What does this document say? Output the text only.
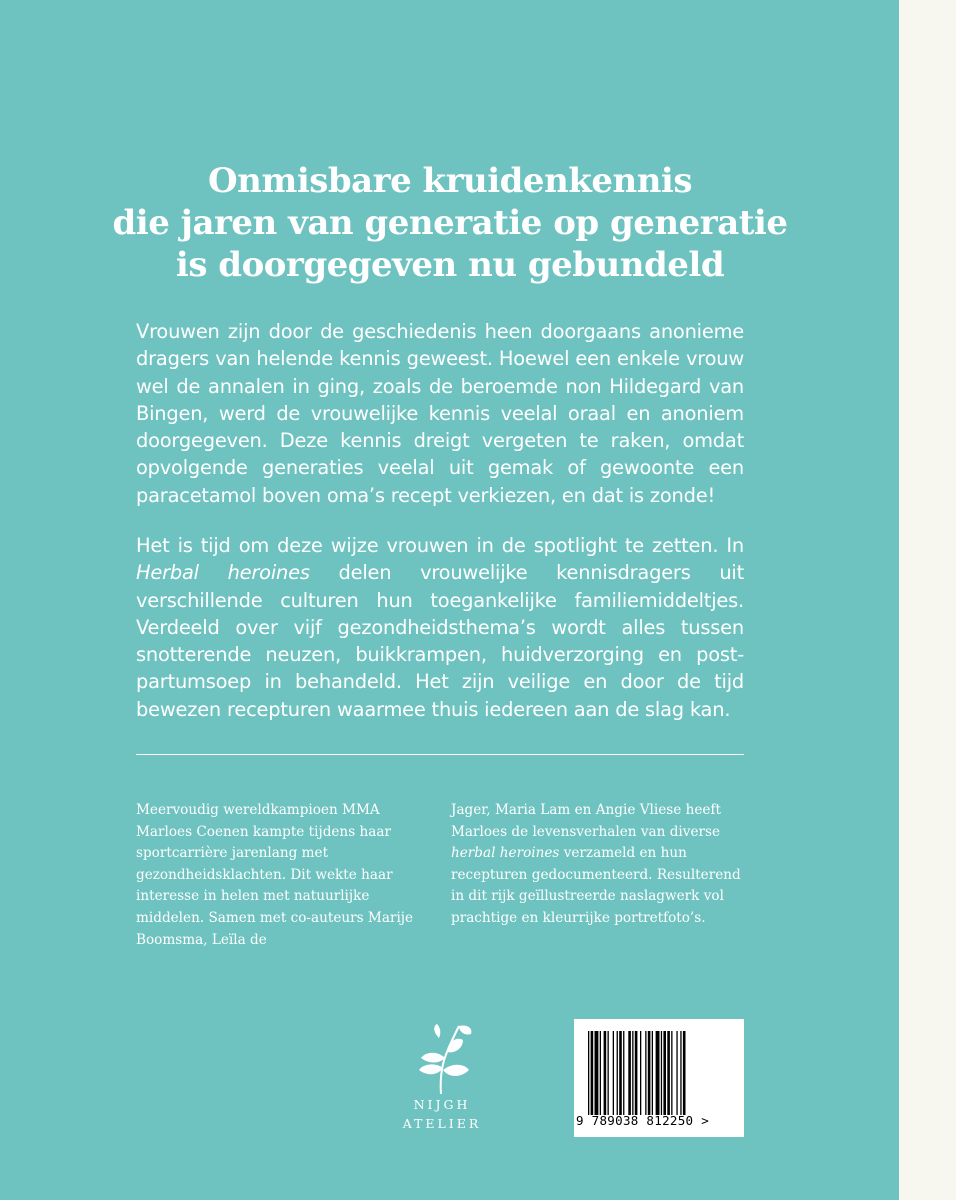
Onmisbare kruidenkennis
die jaren van generatie op generatie
is doorgegeven nu gebundeld
Vrouwen zijn door de geschiedenis heen doorgaans anonieme dragers van helende kennis geweest. Hoewel een enkele vrouw wel de annalen in ging, zoals de beroemde non Hildegard van Bingen, werd de vrouwelijke kennis veelal oraal en anoniem doorgegeven. Deze kennis dreigt vergeten te raken, omdat opvolgende generaties veelal uit gemak of gewoonte een paracetamol boven oma’s recept verkiezen, en dat is zonde!
Het is tijd om deze wijze vrouwen in de spotlight te zetten. In Herbal heroines delen vrouwelijke kennisdragers uit verschillende culturen hun toegankelijke familiemiddeltjes. Verdeeld over vijf gezondheidsthema’s wordt alles tussen snotterende neuzen, buikkrampen, huidverzorging en post-partumsoep in behandeld. Het zijn veilige en door de tijd bewezen recepturen waarmee thuis iedereen aan de slag kan.
Meervoudig wereldkampioen MMA Marloes Coenen kampte tijdens haar sportcarrière jarenlang met gezondheidsklachten. Dit wekte haar interesse in helen met natuurlijke middelen. Samen met co-auteurs Marije Boomsma, Leïla de
Jager, Maria Lam en Angie Vliese heeft Marloes de levensverhalen van diverse herbal heroines verzameld en hun recepturen gedocumenteerd. Resulterend in dit rijk geïllustreerde naslagwerk vol prachtige en kleurrijke portretfoto’s.
NIJGH
ATELIER	9 789038 812250 >
